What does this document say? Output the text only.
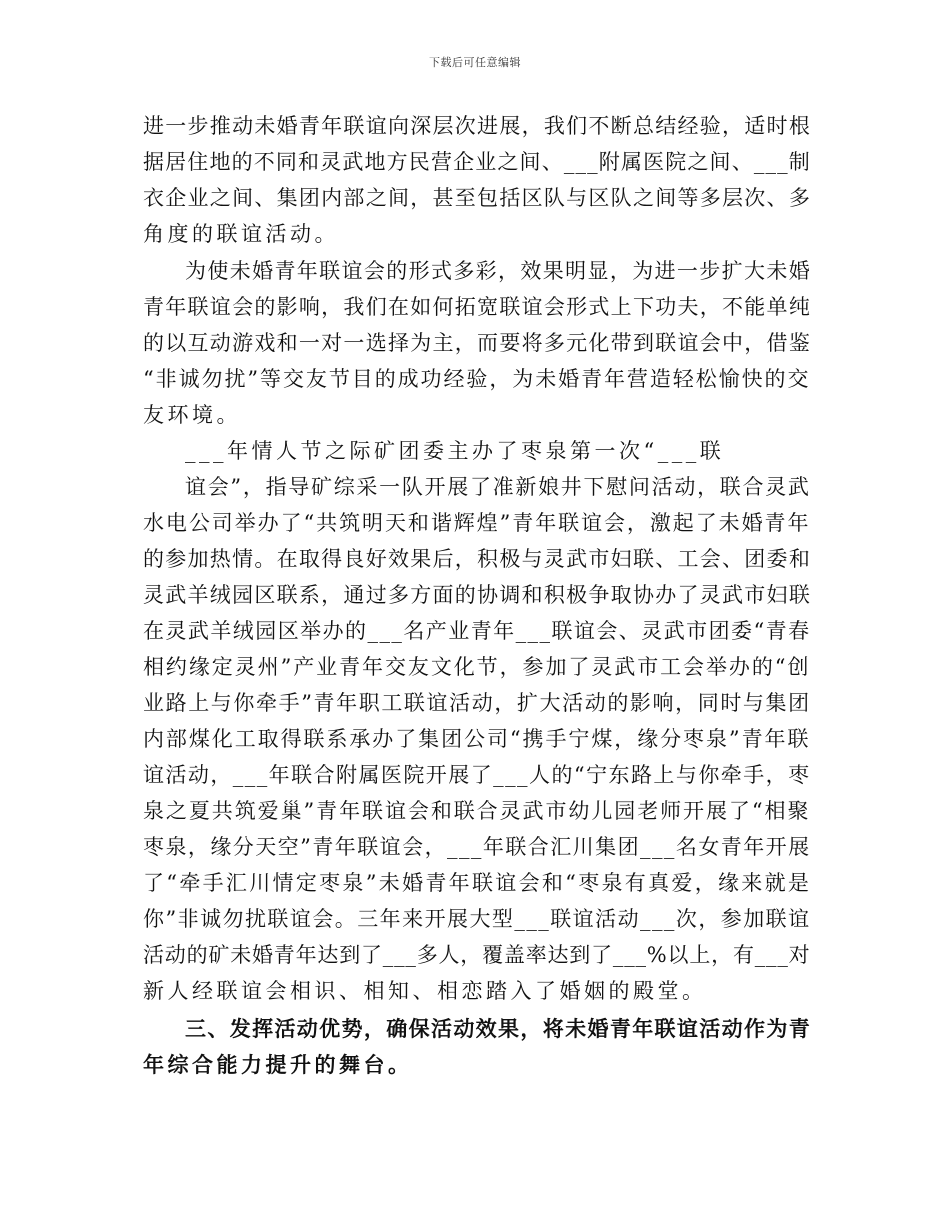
下载后可任意编辑
进一步推动未婚青年联谊向深层次进展，我们不断总结经验，适时根
据居住地的不同和灵武地方民营企业之间、___附属医院之间、___制
衣企业之间、集团内部之间，甚至包括区队与区队之间等多层次、多
角度的联谊活动。
为使未婚青年联谊会的形式多彩，效果明显，为进一步扩大未婚
青年联谊会的影响，我们在如何拓宽联谊会形式上下功夫，不能单纯
的以互动游戏和一对一选择为主，而要将多元化带到联谊会中，借鉴
“非诚勿扰”等交友节目的成功经验，为未婚青年营造轻松愉快的交
友环境。
___年情人节之际矿团委主办了枣泉第一次“___联
谊会”，指导矿综采一队开展了准新娘井下慰问活动，联合灵武
水电公司举办了“共筑明天和谐辉煌”青年联谊会，激起了未婚青年
的参加热情。在取得良好效果后，积极与灵武市妇联、工会、团委和
灵武羊绒园区联系，通过多方面的协调和积极争取协办了灵武市妇联
在灵武羊绒园区举办的___名产业青年___联谊会、灵武市团委“青春
相约缘定灵州”产业青年交友文化节，参加了灵武市工会举办的“创
业路上与你牵手”青年职工联谊活动，扩大活动的影响，同时与集团
内部煤化工取得联系承办了集团公司“携手宁煤，缘分枣泉”青年联
谊活动，___年联合附属医院开展了___人的“宁东路上与你牵手，枣
泉之夏共筑爱巢”青年联谊会和联合灵武市幼儿园老师开展了“相聚
枣泉，缘分天空”青年联谊会，___年联合汇川集团___名女青年开展
了“牵手汇川情定枣泉”未婚青年联谊会和“枣泉有真爱，缘来就是
你”非诚勿扰联谊会。三年来开展大型___联谊活动___次，参加联谊
活动的矿未婚青年达到了___多人，覆盖率达到了___%以上，有___对
新人经联谊会相识、相知、相恋踏入了婚姻的殿堂。
三、发挥活动优势，确保活动效果，将未婚青年联谊活动作为青
年综合能力提升的舞台。
